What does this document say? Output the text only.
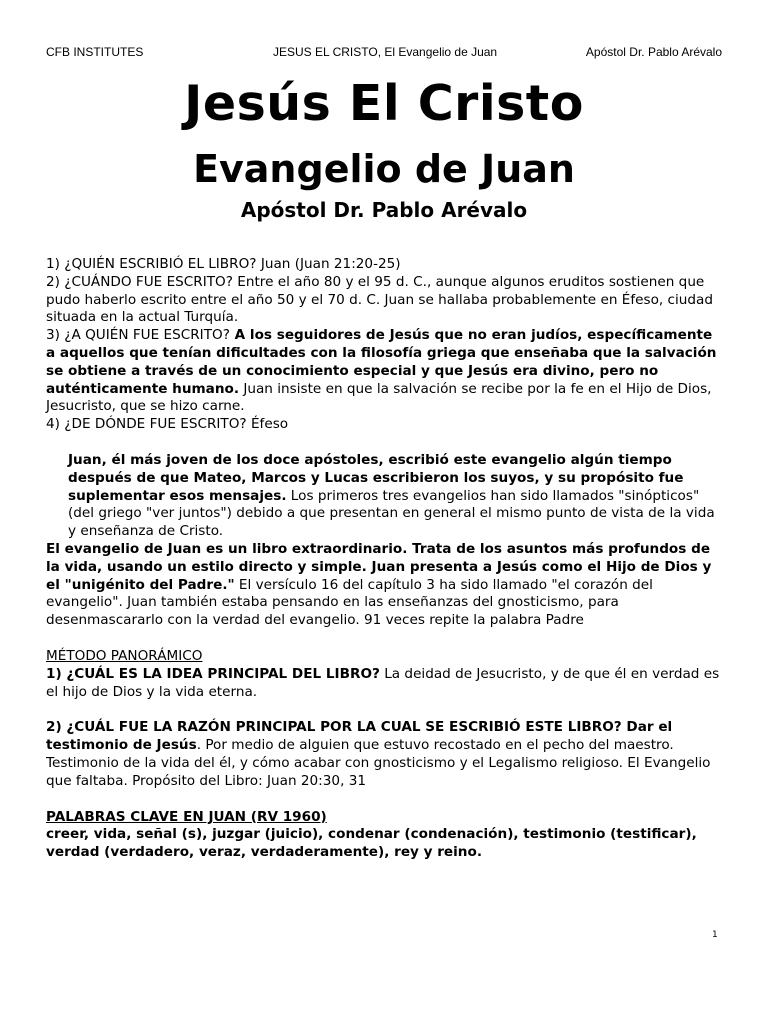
CFB INSTITUTES	JESUS EL CRISTO, El Evangelio de Juan	Apóstol Dr. Pablo Arévalo
Jesús El Cristo
Evangelio de Juan
Apóstol Dr. Pablo Arévalo

1) ¿QUIÉN ESCRIBIÓ EL LIBRO? Juan (Juan 21:20-25)

2) ¿CUÁNDO FUE ESCRITO? Entre el año 80 y el 95 d. C., aunque algunos eruditos sostienen que pudo haberlo escrito entre el año 50 y el 70 d. C. Juan se hallaba probablemente en Éfeso, ciudad situada en la actual Turquía.

3) ¿A QUIÉN FUE ESCRITO? A los seguidores de Jesús que no eran judíos, específicamente a aquellos que tenían dificultades con la filosofía griega que enseñaba que la salvación se obtiene a través de un conocimiento especial y que Jesús era divino, pero no auténticamente humano. Juan insiste en que la salvación se recibe por la fe en el Hijo de Dios, Jesucristo, que se hizo carne.

4) ¿DE DÓNDE FUE ESCRITO? Éfeso

Juan, él más joven de los doce apóstoles, escribió este evangelio algún tiempo después de que Mateo, Marcos y Lucas escribieron los suyos, y su propósito fue suplementar esos mensajes. Los primeros tres evangelios han sido llamados "sinópticos"(del griego "ver juntos") debido a que presentan en general el mismo punto de vista de la vida y enseñanza de Cristo.

El evangelio de Juan es un libro extraordinario. Trata de los asuntos más profundos de la vida, usando un estilo directo y simple. Juan presenta a Jesús como el Hijo de Dios y el "unigénito del Padre." El versículo 16 del capítulo 3 ha sido llamado "el corazón del evangelio". Juan también estaba pensando en las enseñanzas del gnosticismo, para desenmascararlo con la verdad del evangelio. 91 veces repite la palabra Padre

MÉTODO PANORÁMICO

1) ¿CUÁL ES LA IDEA PRINCIPAL DEL LIBRO? La deidad de Jesucristo, y de que él en verdad es el hijo de Dios y la vida eterna.

2) ¿CUÁL FUE LA RAZÓN PRINCIPAL POR LA CUAL SE ESCRIBIÓ ESTE LIBRO? Dar el testimonio de Jesús. Por medio de alguien que estuvo recostado en el pecho del maestro. Testimonio de la vida del él, y cómo acabar con gnosticismo y el Legalismo religioso. El Evangelio que faltaba. Propósito del Libro: Juan 20:30, 31

PALABRAS CLAVE EN JUAN (RV 1960)

creer, vida, señal (s), juzgar (juicio), condenar (condenación), testimonio (testificar), verdad (verdadero, veraz, verdaderamente), rey y reino.

1
